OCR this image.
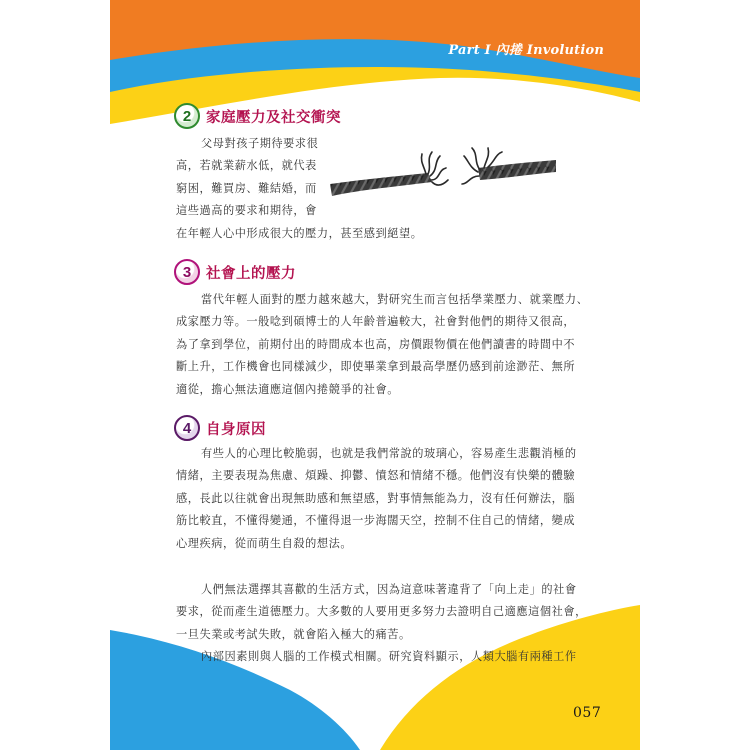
Part I 內捲 Involution
2	家庭壓力及社交衝突

父母對孩子期待要求很
高，若就業薪水低，就代表
窮困，難買房、難結婚，而
這些過高的要求和期待，會
在年輕人心中形成很大的壓力，甚至感到絕望。

3	社會上的壓力

當代年輕人面對的壓力越來越大，對研究生而言包括學業壓力、就業壓力、
成家壓力等。一般唸到碩博士的人年齡普遍較大，社會對他們的期待又很高，
為了拿到學位，前期付出的時間成本也高，房價跟物價在他們讀書的時間中不
斷上升，工作機會也同樣減少，即使畢業拿到最高學歷仍感到前途渺茫、無所
適從，擔心無法適應這個內捲競爭的社會。

4	自身原因

有些人的心理比較脆弱，也就是我們常說的玻璃心，容易產生悲觀消極的
情緒，主要表現為焦慮、煩躁、抑鬱、憤怒和情緒不穩。他們沒有快樂的體驗
感，長此以往就會出現無助感和無望感，對事情無能為力，沒有任何辦法，腦
筋比較直，不懂得變通，不懂得退一步海闊天空，控制不住自己的情緒，變成
心理疾病，從而萌生自殺的想法。

人們無法選擇其喜歡的生活方式，因為這意味著違背了「向上走」的社會
要求，從而產生道德壓力。大多數的人要用更多努力去證明自己適應這個社會，
一旦失業或考試失敗，就會陷入極大的痛苦。
內部因素則與人腦的工作模式相關。研究資料顯示，人類大腦有兩種工作

057
